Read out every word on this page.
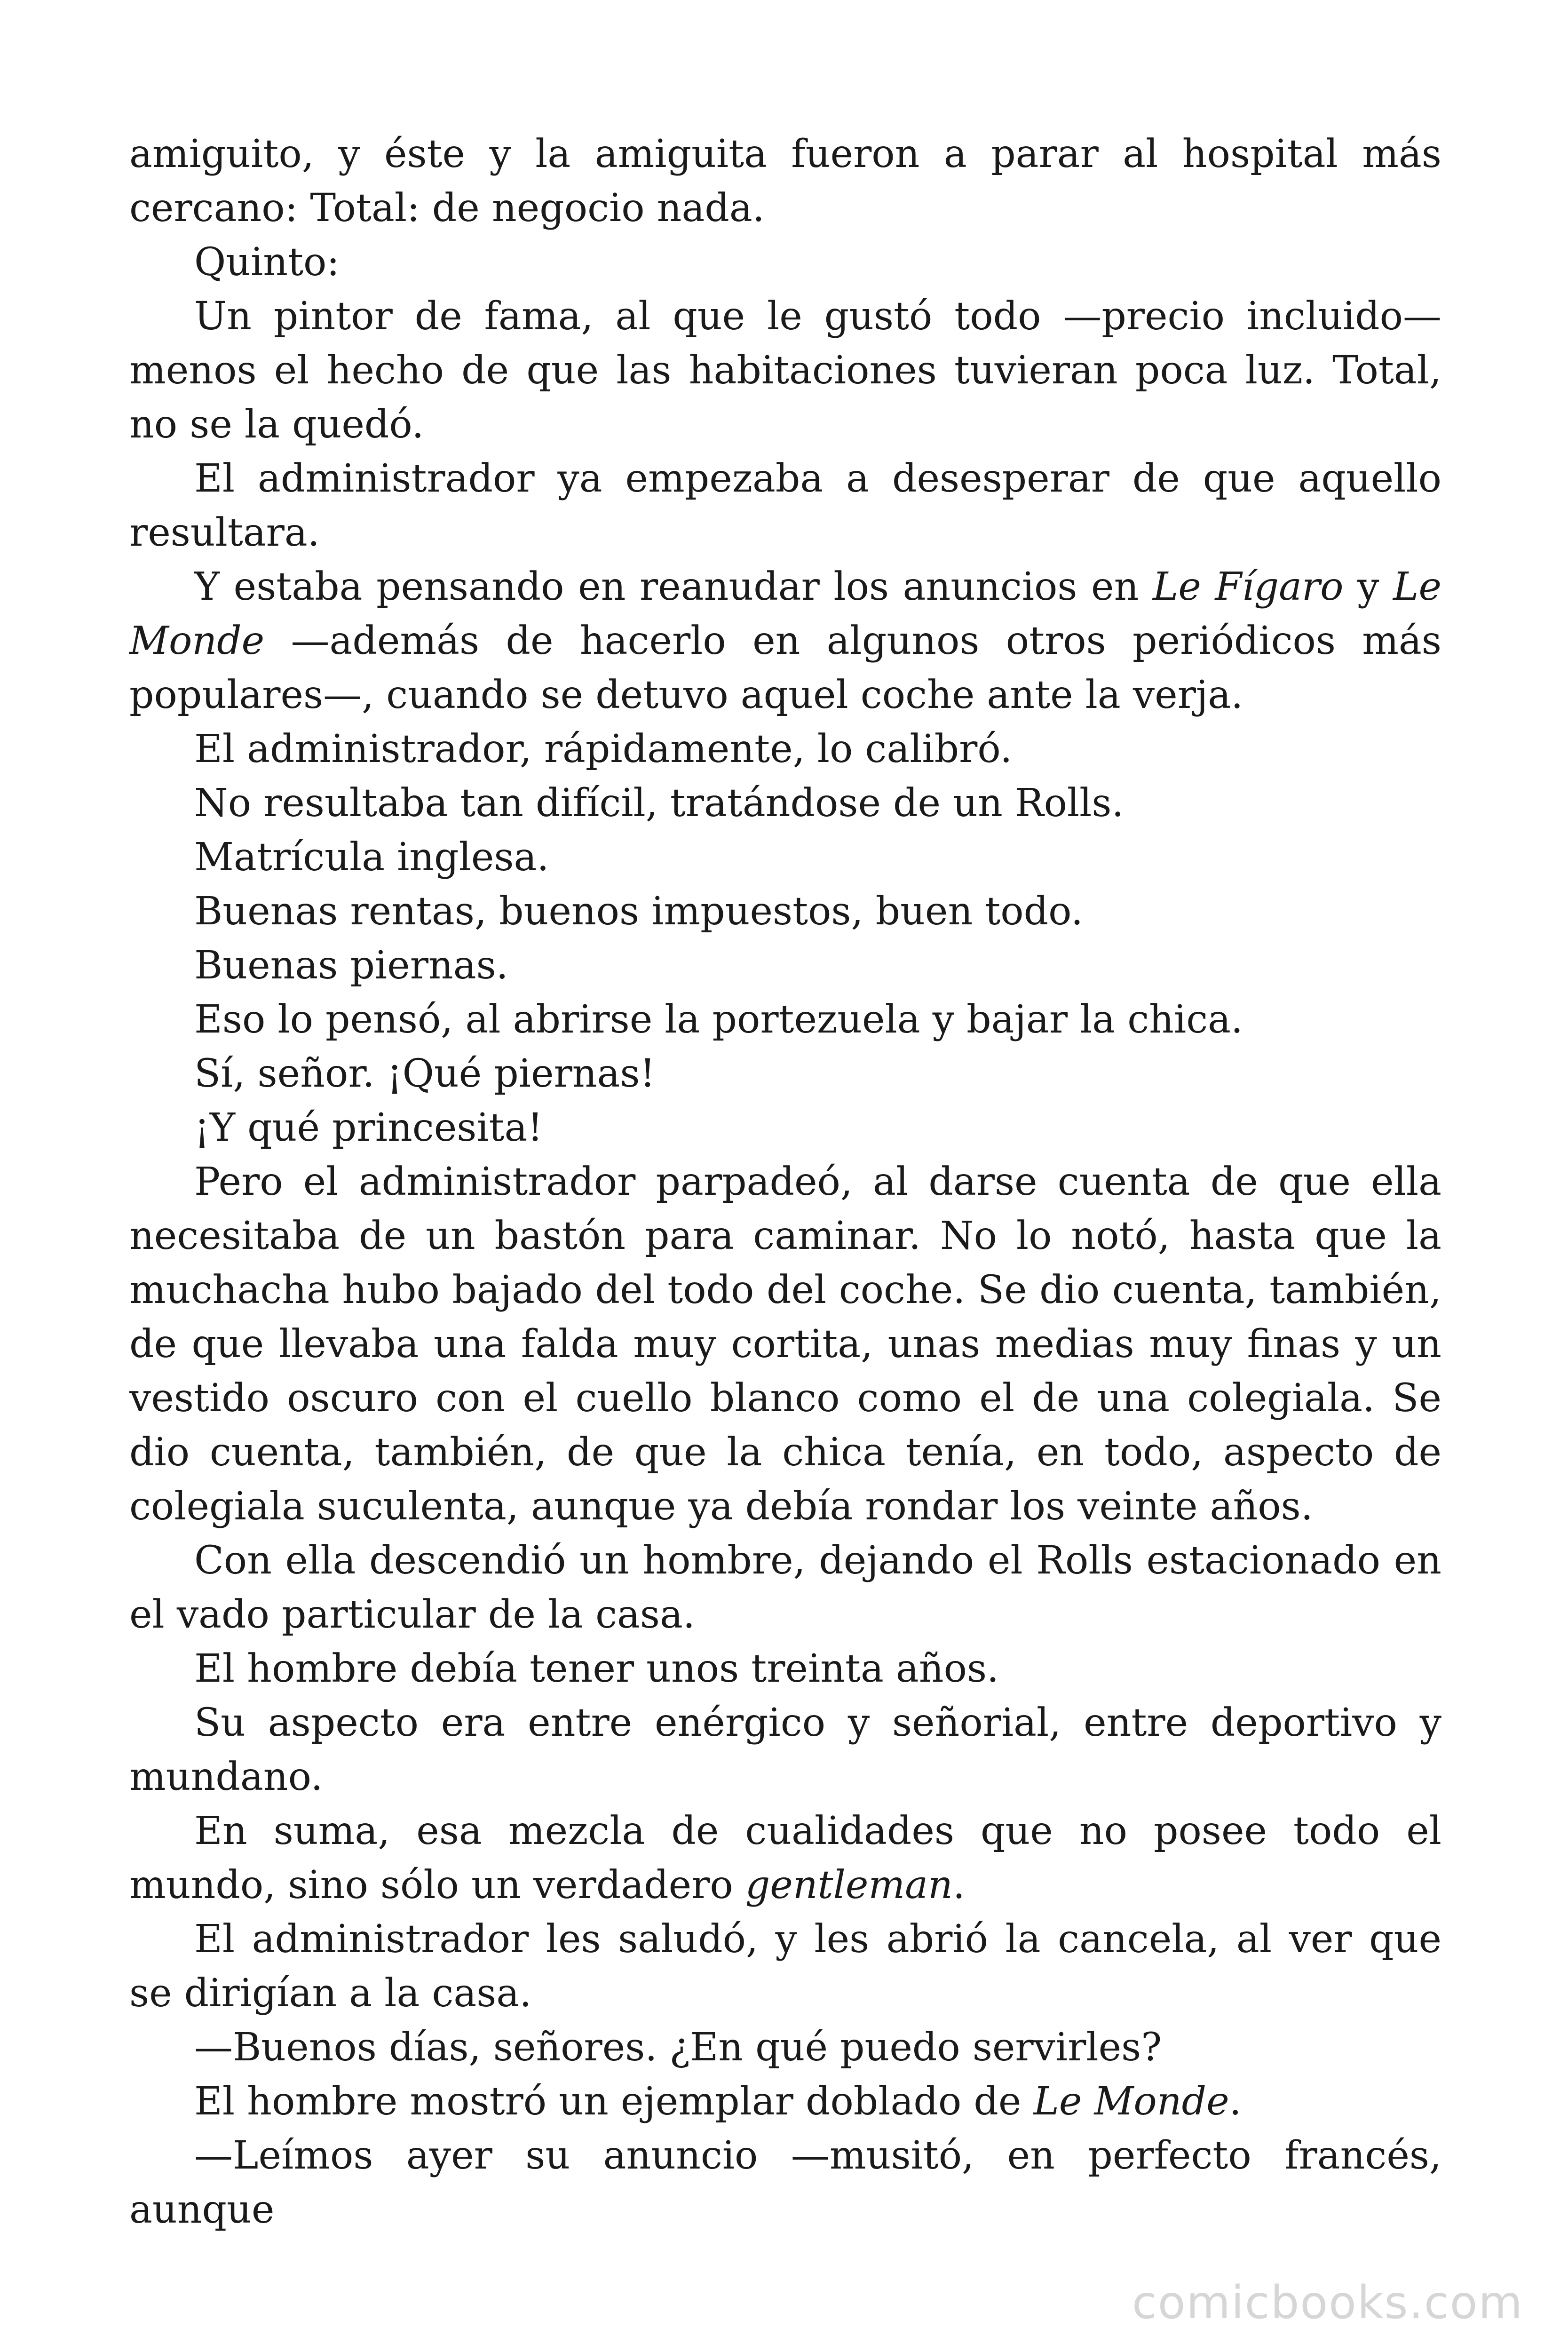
amiguito, y éste y la amiguita fueron a parar al hospital más cercano: Total: de negocio nada.

Quinto:

Un pintor de fama, al que le gustó todo —precio incluido— menos el hecho de que las habitaciones tuvieran poca luz. Total, no se la quedó.

El administrador ya empezaba a desesperar de que aquello resultara.

Y estaba pensando en reanudar los anuncios en Le Fígaro y Le Monde —además de hacerlo en algunos otros periódicos más populares—, cuando se detuvo aquel coche ante la verja.

El administrador, rápidamente, lo calibró.

No resultaba tan difícil, tratándose de un Rolls.

Matrícula inglesa.

Buenas rentas, buenos impuestos, buen todo.

Buenas piernas.

Eso lo pensó, al abrirse la portezuela y bajar la chica.

Sí, señor. ¡Qué piernas!

¡Y qué princesita!

Pero el administrador parpadeó, al darse cuenta de que ella necesitaba de un bastón para caminar. No lo notó, hasta que la muchacha hubo bajado del todo del coche. Se dio cuenta, también, de que llevaba una falda muy cortita, unas medias muy finas y un vestido oscuro con el cuello blanco como el de una colegiala. Se dio cuenta, también, de que la chica tenía, en todo, aspecto de colegiala suculenta, aunque ya debía rondar los veinte años.

Con ella descendió un hombre, dejando el Rolls estacionado en el vado particular de la casa.

El hombre debía tener unos treinta años.

Su aspecto era entre enérgico y señorial, entre deportivo y mundano.

En suma, esa mezcla de cualidades que no posee todo el mundo, sino sólo un verdadero gentleman.

El administrador les saludó, y les abrió la cancela, al ver que se dirigían a la casa.

—Buenos días, señores. ¿En qué puedo servirles?

El hombre mostró un ejemplar doblado de Le Monde.

—Leímos ayer su anuncio —musitó, en perfecto francés, aunque

comicbooks.com
